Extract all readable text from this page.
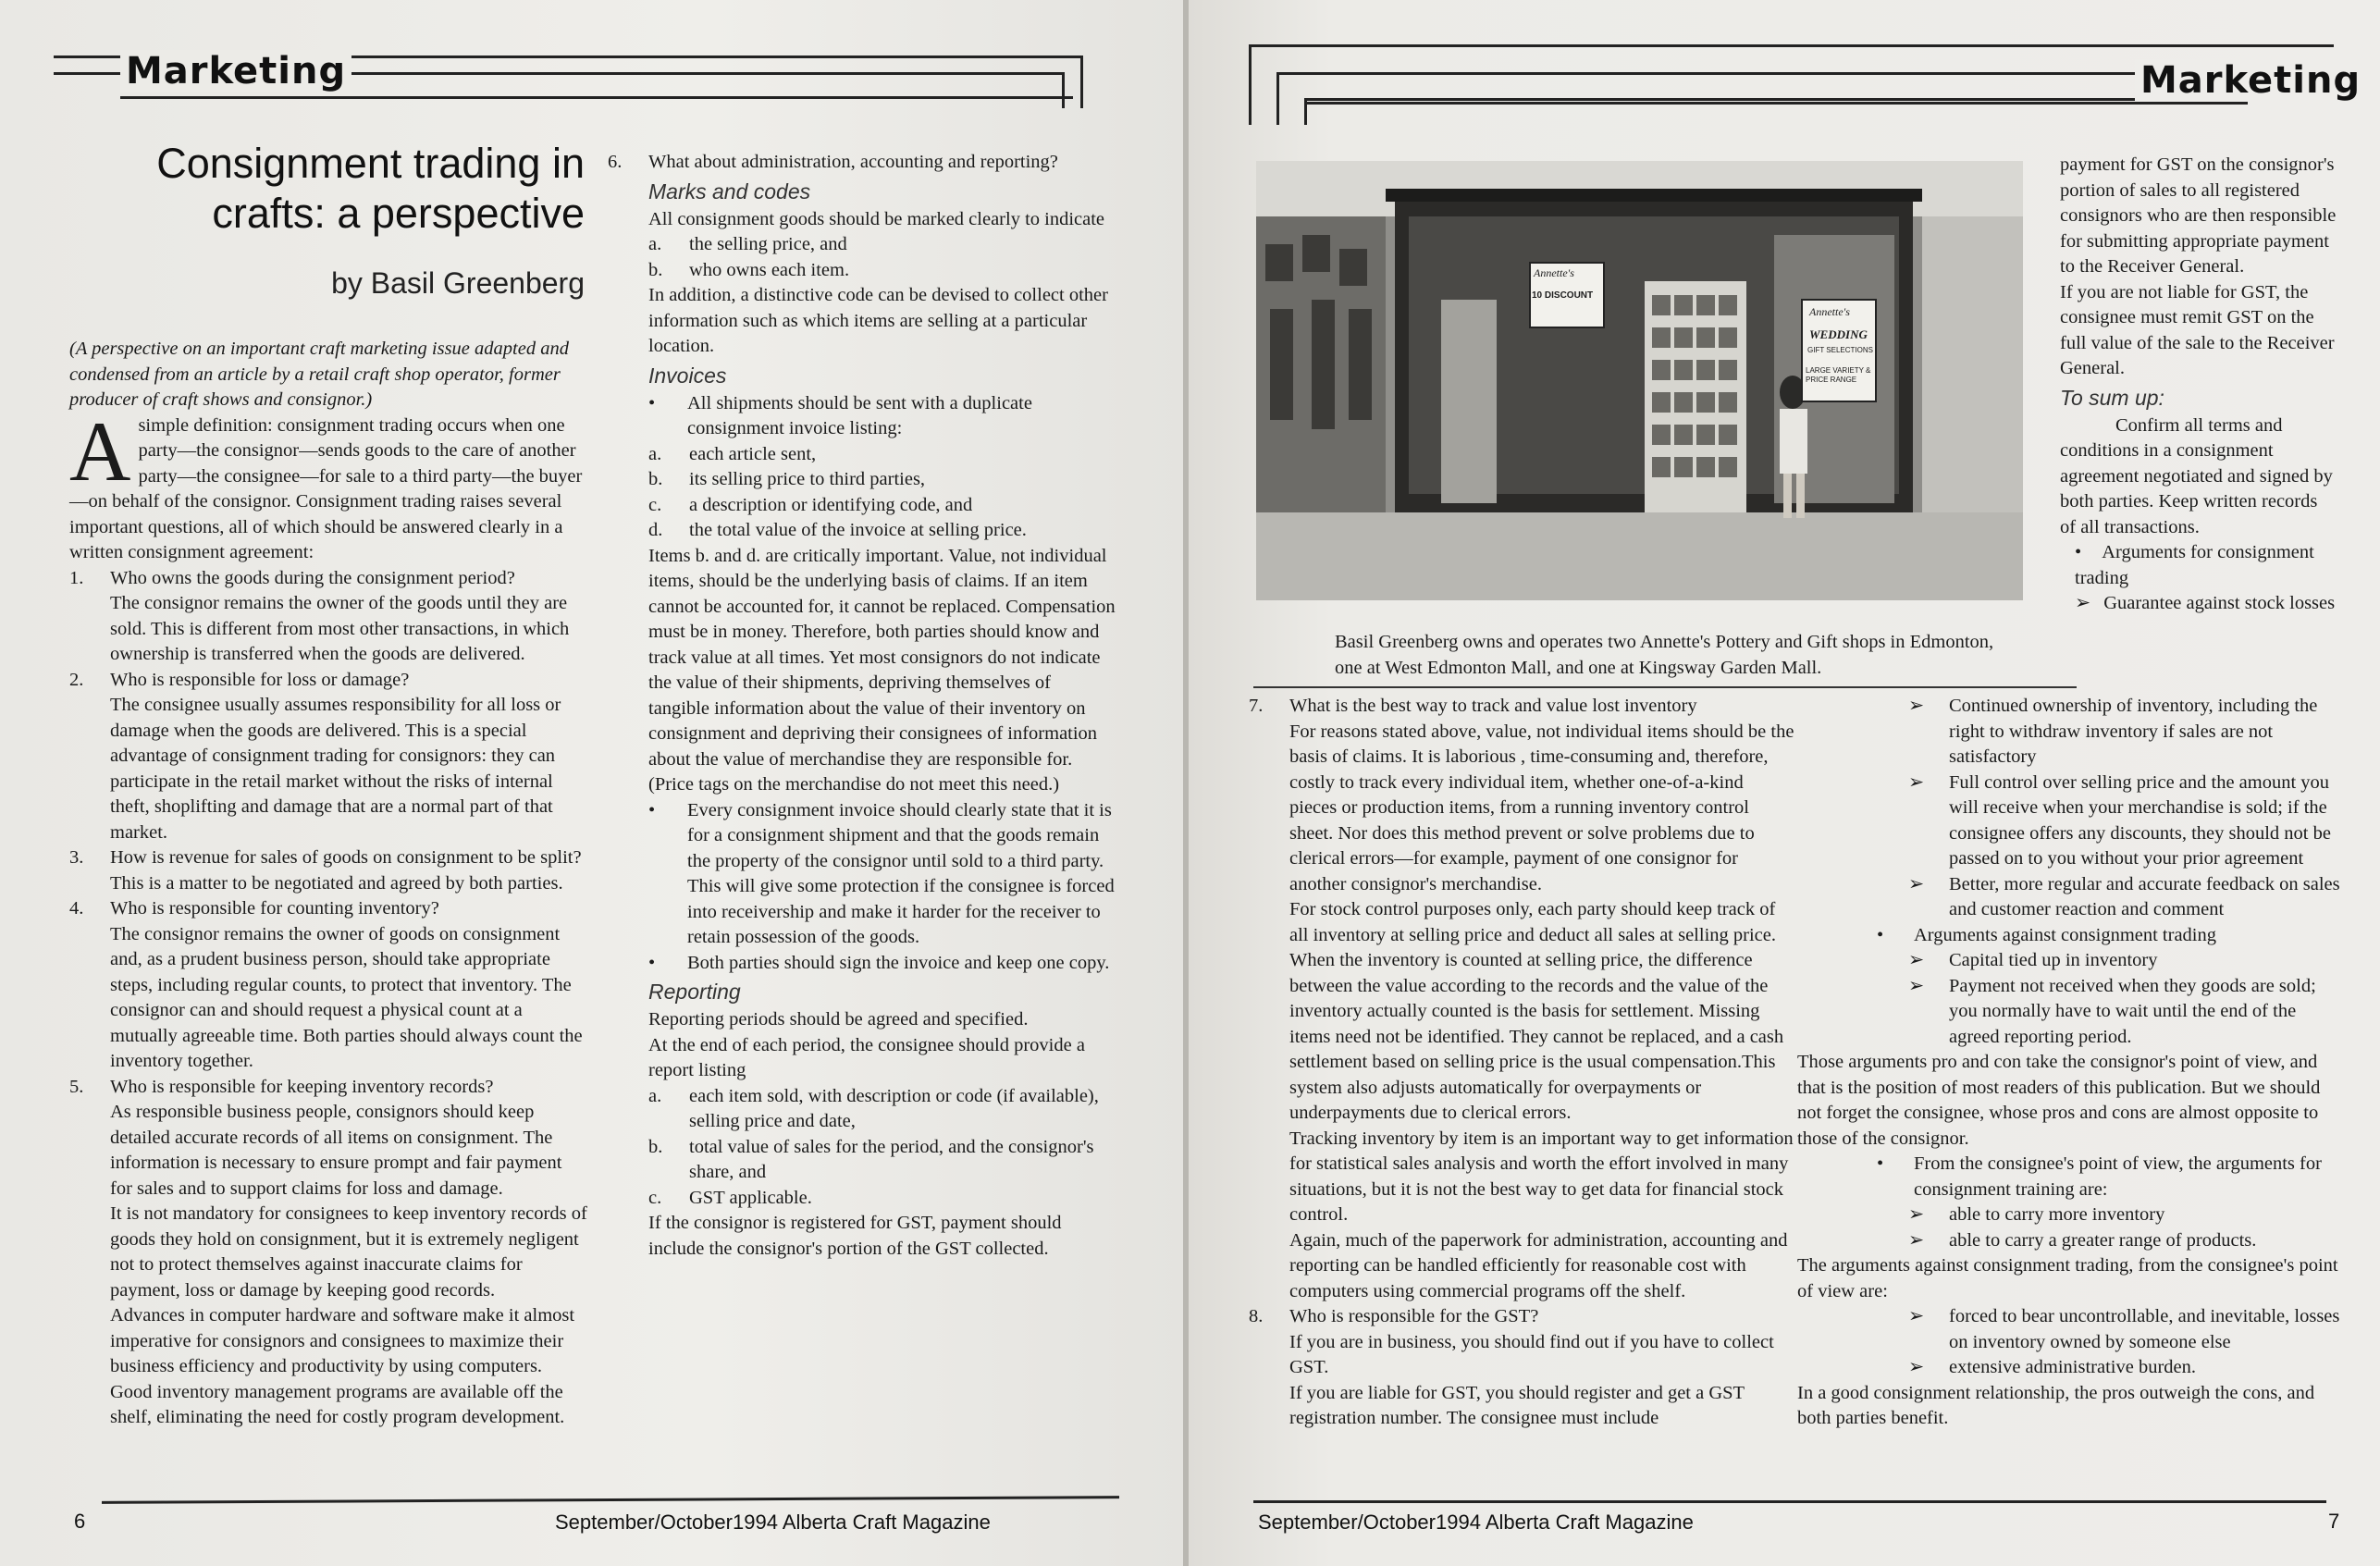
Marketing
Consignment trading in
crafts: a perspective
by Basil Greenberg

(A perspective on an important craft marketing issue adapted and condensed from an article by a retail craft shop operator, former producer of craft shows and consignor.)

Asimple definition: consignment trading occurs when one party—the consignor—sends goods to the care of another party—the consignee—for sale to a third party—the buyer—on behalf of the consignor. Consignment trading raises several important questions, all of which should be answered clearly in a written consignment agreement:

1. Who owns the goods during the consignment period?

The consignor remains the owner of the goods until they are sold. This is different from most other transactions, in which ownership is transferred when the goods are delivered.

2. Who is responsible for loss or damage?

The consignee usually assumes responsibility for all loss or damage when the goods are delivered. This is a special advantage of consignment trading for consignors: they can participate in the retail market without the risks of internal theft, shoplifting and damage that are a normal part of that market.

3. How is revenue for sales of goods on consignment to be split?

This is a matter to be negotiated and agreed by both parties.

4. Who is responsible for counting inventory?

The consignor remains the owner of goods on consignment and, as a prudent business person, should take appropriate steps, including regular counts, to protect that inventory. The consignor can and should request a physical count at a mutually agreeable time. Both parties should always count the inventory together.

5. Who is responsible for keeping inventory records?

As responsible business people, consignors should keep detailed accurate records of all items on consignment. The information is necessary to ensure prompt and fair payment for sales and to support claims for loss and damage.

It is not mandatory for consignees to keep inventory records of goods they hold on consignment, but it is extremely negligent not to protect themselves against inaccurate claims for payment, loss or damage by keeping good records.

Advances in computer hardware and software make it almost imperative for consignors and consignees to maximize their business efficiency and productivity by using computers. Good inventory management programs are available off the shelf, eliminating the need for costly program development.

6. What about administration, accounting and reporting?

Marks and codes

All consignment goods should be marked clearly to indicate

a. the selling price, and
b. who owns each item.

In addition, a distinctive code can be devised to collect other information such as which items are selling at a particular location.

Invoices

• All shipments should be sent with a duplicate consignment invoice listing:

a. each article sent,
b. its selling price to third parties,
c. a description or identifying code, and
d. the total value of the invoice at selling price.

Items b. and d. are critically important. Value, not individual items, should be the underlying basis of claims. If an item cannot be accounted for, it cannot be replaced. Compensation must be in money. Therefore, both parties should know and track value at all times. Yet most consignors do not indicate the value of their shipments, depriving themselves of tangible information about the value of their inventory on consignment and depriving their consignees of information about the value of merchandise they are responsible for. (Price tags on the merchandise do not meet this need.)

• Every consignment invoice should clearly state that it is for a consignment shipment and that the goods remain the property of the consignor until sold to a third party. This will give some protection if the consignee is forced into receivership and make it harder for the receiver to retain possession of the goods.

• Both parties should sign the invoice and keep one copy.

Reporting

Reporting periods should be agreed and specified.

At the end of each period, the consignee should provide a report listing

a. each item sold, with description or code (if available), selling price and date,
b. total value of sales for the period, and the consignor's share, and
c. GST applicable.

If the consignor is registered for GST, payment should include the consignor's portion of the GST collected.

6	September/October1994 Alberta Craft Magazine
Marketing
Annette's
10 DISCOUNT
Annette's
WEDDING
GIFT SELECTIONS
LARGE VARIETY & PRICE RANGE
Basil Greenberg owns and operates two Annette's Pottery and Gift shops in Edmonton, one at West Edmonton Mall, and one at Kingsway Garden Mall.

payment for GST on the consignor's portion of sales to all registered consignors who are then responsible for submitting appropriate payment to the Receiver General.

If you are not liable for GST, the consignee must remit GST on the full value of the sale to the Receiver General.

To sum up:

Confirm all terms and conditions in a consignment agreement negotiated and signed by both parties. Keep written records of all transactions.

• Arguments for consignment trading

➢ Guarantee against stock losses

7. What is the best way to track and value lost inventory

For reasons stated above, value, not individual items should be the basis of claims. It is laborious , time-consuming and, therefore, costly to track every individual item, whether one-of-a-kind pieces or production items, from a running inventory control sheet. Nor does this method prevent or solve problems due to clerical errors—for example, payment of one consignor for another consignor's merchandise.

For stock control purposes only, each party should keep track of all inventory at selling price and deduct all sales at selling price. When the inventory is counted at selling price, the difference between the value according to the records and the value of the inventory actually counted is the basis for settlement. Missing items need not be identified. They cannot be replaced, and a cash settlement based on selling price is the usual compensation.This system also adjusts automatically for overpayments or underpayments due to clerical errors.

Tracking inventory by item is an important way to get information for statistical sales analysis and worth the effort involved in many situations, but it is not the best way to get data for financial stock control.

Again, much of the paperwork for administration, accounting and reporting can be handled efficiently for reasonable cost with computers using commercial programs off the shelf.

8. Who is responsible for the GST?

If you are in business, you should find out if you have to collect GST.

If you are liable for GST, you should register and get a GST registration number. The consignee must include

➢ Continued ownership of inventory, including the right to withdraw inventory if sales are not satisfactory

➢ Full control over selling price and the amount you will receive when your merchandise is sold; if the consignee offers any discounts, they should not be passed on to you without your prior agreement

➢ Better, more regular and accurate feedback on sales and customer reaction and comment

• Arguments against consignment trading

➢ Capital tied up in inventory

➢ Payment not received when they goods are sold; you normally have to wait until the end of the agreed reporting period.

Those arguments pro and con take the consignor's point of view, and that is the position of most readers of this publication. But we should not forget the consignee, whose pros and cons are almost opposite to those of the consignor.

• From the consignee's point of view, the arguments for consignment training are:

➢ able to carry more inventory

➢ able to carry a greater range of products.

The arguments against consignment trading, from the consignee's point of view are:

➢ forced to bear uncontrollable, and inevitable, losses on inventory owned by someone else

➢ extensive administrative burden.

In a good consignment relationship, the pros outweigh the cons, and both parties benefit.

September/October1994 Alberta Craft Magazine	7
